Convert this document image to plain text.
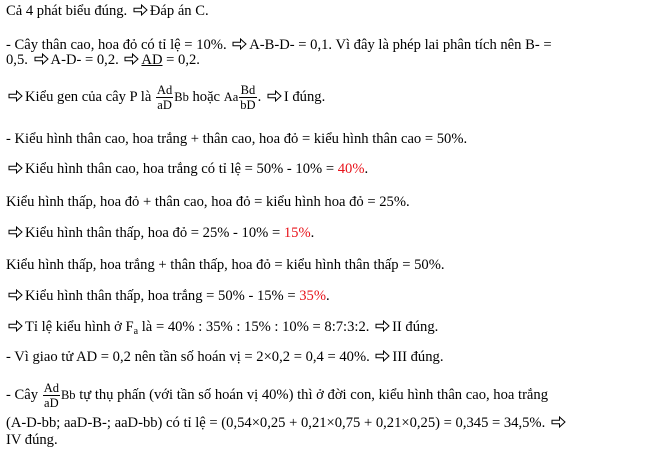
Cả 4 phát biểu đúng. Đáp án C.
- Cây thân cao, hoa đỏ có tỉ lệ = 10%. A-B-D- = 0,1. Vì đây là phép lai phân tích nên B- =
0,5. A-D- = 0,2. AD = 0,2.
Kiểu gen của cây P là $\frac{Ad}{aD}$ Bb hoặc Aa $\frac{Bd}{bD}$ . I đúng.
- Kiểu hình thân cao, hoa trắng + thân cao, hoa đỏ = kiểu hình thân cao = 50%.
Kiểu hình thân cao, hoa trắng có tỉ lệ = 50% - 10% = 40%.
Kiểu hình thấp, hoa đỏ + thân cao, hoa đỏ = kiểu hình hoa đỏ = 25%.
Kiểu hình thân thấp, hoa đỏ = 25% - 10% = 15%.
Kiểu hình thấp, hoa trắng + thân thấp, hoa đỏ = kiểu hình thân thấp = 50%.
Kiểu hình thân thấp, hoa trắng = 50% - 15% = 35%.
Tỉ lệ kiểu hình ở $F_a$ là = 40% : 35% : 15% : 10% = 8:7:3:2. II đúng.
- Vì giao tử AD = 0,2 nên tần số hoán vị = 2×0,2 = 0,4 = 40%. III đúng.
- Cây $\frac{Ad}{aD}$ Bb tự thụ phấn (với tần số hoán vị 40%) thì ở đời con, kiểu hình thân cao, hoa trắng
(A-D-bb; aaD-B-; aaD-bb) có tỉ lệ = (0,54×0,25 + 0,21×0,75 + 0,21×0,25) = 0,345 = 34,5%.
IV đúng.
